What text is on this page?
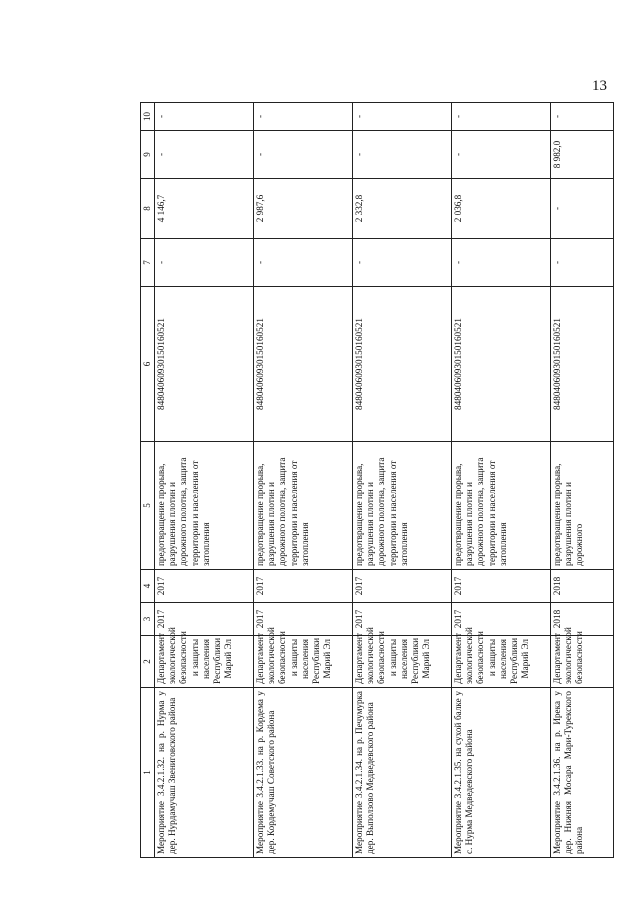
13
1	2	3	4	5	6	7	8	9	10
Мероприятие 3.4.2.1.32. на р. Нурма у дер. Нурдамучаш Звениговского района	Департамент экологической безопасности и защиты населения Республики Марий Эл	2017	2017	предотвращение прорыва, разрушения плотин и дорожного полотна, защита территории и населения от затопления	84804060930150160521	-	4 146,7	-	-
Мероприятие 3.4.2.1.33. на р. Кордема у дер. Кордемучаш Советского района	Департамент экологической безопасности и защиты населения Республики Марий Эл	2017	2017	предотвращение прорыва, разрушения плотин и дорожного полотна, защита территории и населения от затопления	84804060930150160521	-	2 987,6	-	-
Мероприятие 3.4.2.1.34. на р. Печумурка дер. Выползово Медведевского района	Департамент экологической безопасности и защиты населения Республики Марий Эл	2017	2017	предотвращение прорыва, разрушения плотин и дорожного полотна, защита территории и населения от затопления	84804060930150160521	-	2 332,8	-	-
Мероприятие 3.4.2.1.35. на сухой балке у с. Нурма Медведевского района	Департамент экологической безопасности и защиты населения Республики Марий Эл	2017	2017	предотвращение прорыва, разрушения плотин и дорожного полотна, защита территории и населения от затопления	84804060930150160521	-	2 036,8	-	-
Мероприятие 3.4.2.1.36. на р. Ирека у дер. Нижняя Мосара Мари-Турекского района	Департамент экологической безопасности	2018	2018	предотвращение прорыва, разрушения плотин и дорожного	84804060930150160521	-	-	8 982,0	-
